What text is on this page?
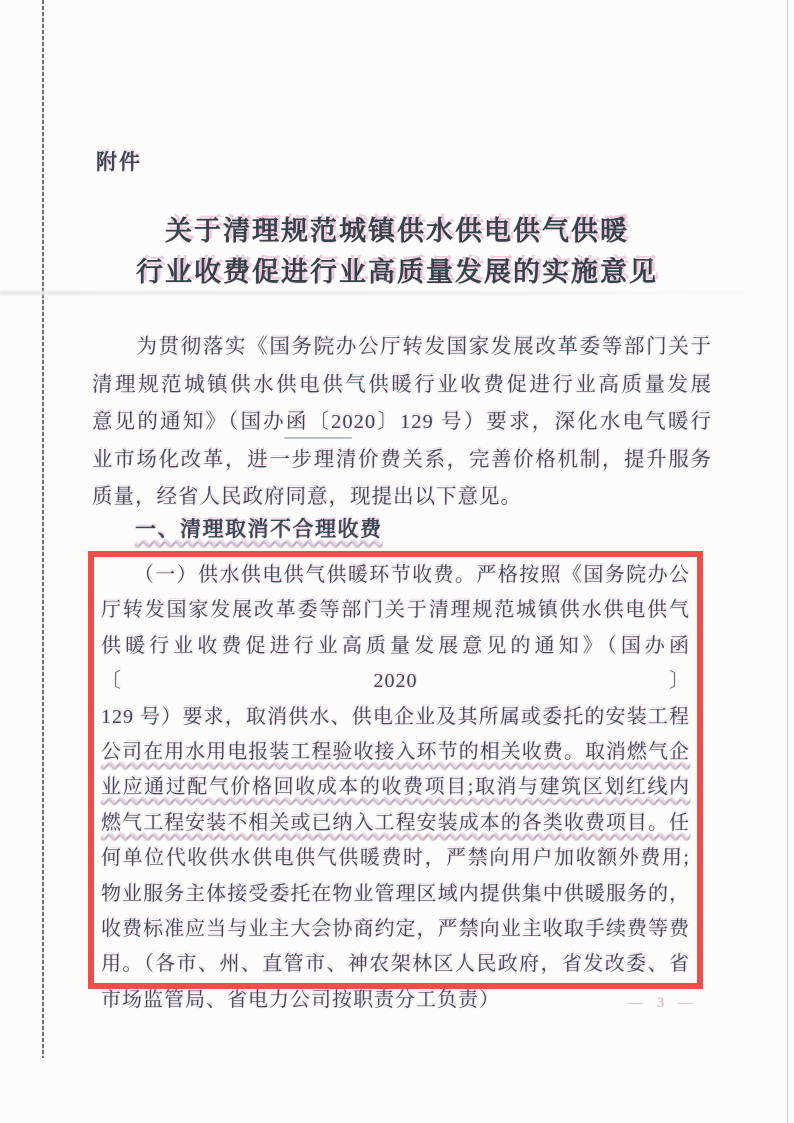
附件
关于清理规范城镇供水供电供气供暖
行业收费促进行业高质量发展的实施意见
　　为贯彻落实《国务院办公厅转发国家发展改革委等部门关于
清理规范城镇供水供电供气供暖行业收费促进行业高质量发展
意见的通知》（国办函〔2020〕129 号）要求，深化水电气暖行
业市场化改革，进一步理清价费关系，完善价格机制，提升服务
质量，经省人民政府同意，现提出以下意见。
一、清理取消不合理收费
　　（一）供水供电供气供暖环节收费。严格按照《国务院办公
厅转发国家发展改革委等部门关于清理规范城镇供水供电供气
供暖行业收费促进行业高质量发展意见的通知》（国办函〔2020〕
129 号）要求，取消供水、供电企业及其所属或委托的安装工程
公司在用水用电报装工程验收接入环节的相关收费。取消燃气企
业应通过配气价格回收成本的收费项目;取消与建筑区划红线内
燃气工程安装不相关或已纳入工程安装成本的各类收费项目。任
何单位代收供水供电供气供暖费时，严禁向用户加收额外费用;
物业服务主体接受委托在物业管理区域内提供集中供暖服务的，
收费标准应当与业主大会协商约定，严禁向业主收取手续费等费
用。（各市、州、直管市、神农架林区人民政府，省发改委、省
市场监管局、省电力公司按职责分工负责）	— 3 —
